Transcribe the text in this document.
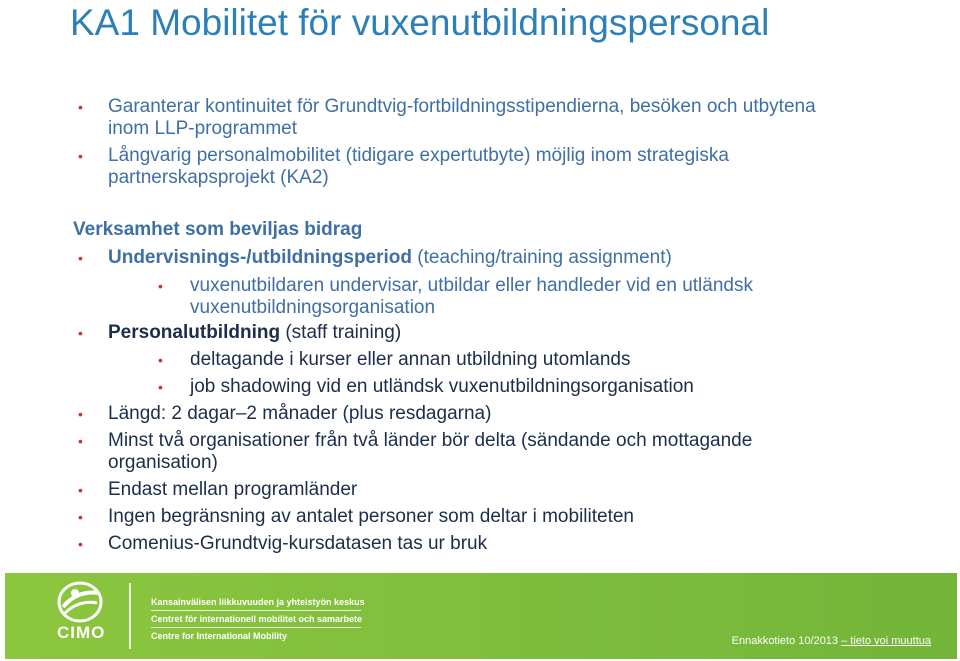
KA1 Mobilitet för vuxenutbildningspersonal
• Garanterar kontinuitet för Grundtvig-fortbildningsstipendierna, besöken och utbytena
inom LLP-programmet
• Långvarig personalmobilitet (tidigare expertutbyte) möjlig inom strategiska
partnerskapsprojekt (KA2)
Verksamhet som beviljas bidrag
• Undervisnings-/utbildningsperiod (teaching/training assignment)
• vuxenutbildaren undervisar, utbildar eller handleder vid en utländsk
vuxenutbildningsorganisation
• Personalutbildning (staff training)
• deltagande i kurser eller annan utbildning utomlands
• job shadowing vid en utländsk vuxenutbildningsorganisation
• Längd: 2 dagar–2 månader (plus resdagarna)
• Minst två organisationer från två länder bör delta (sändande och mottagande
organisation)
• Endast mellan programländer
• Ingen begränsning av antalet personer som deltar i mobiliteten
• Comenius-Grundtvig-kursdatasen tas ur bruk
CIMO
Kansainvälisen liikkuvuuden ja yhteistyön keskus
Centret för internationell mobilitet och samarbete
Centre for International Mobility	Ennakkotieto 10/2013 – tieto voi muuttua
